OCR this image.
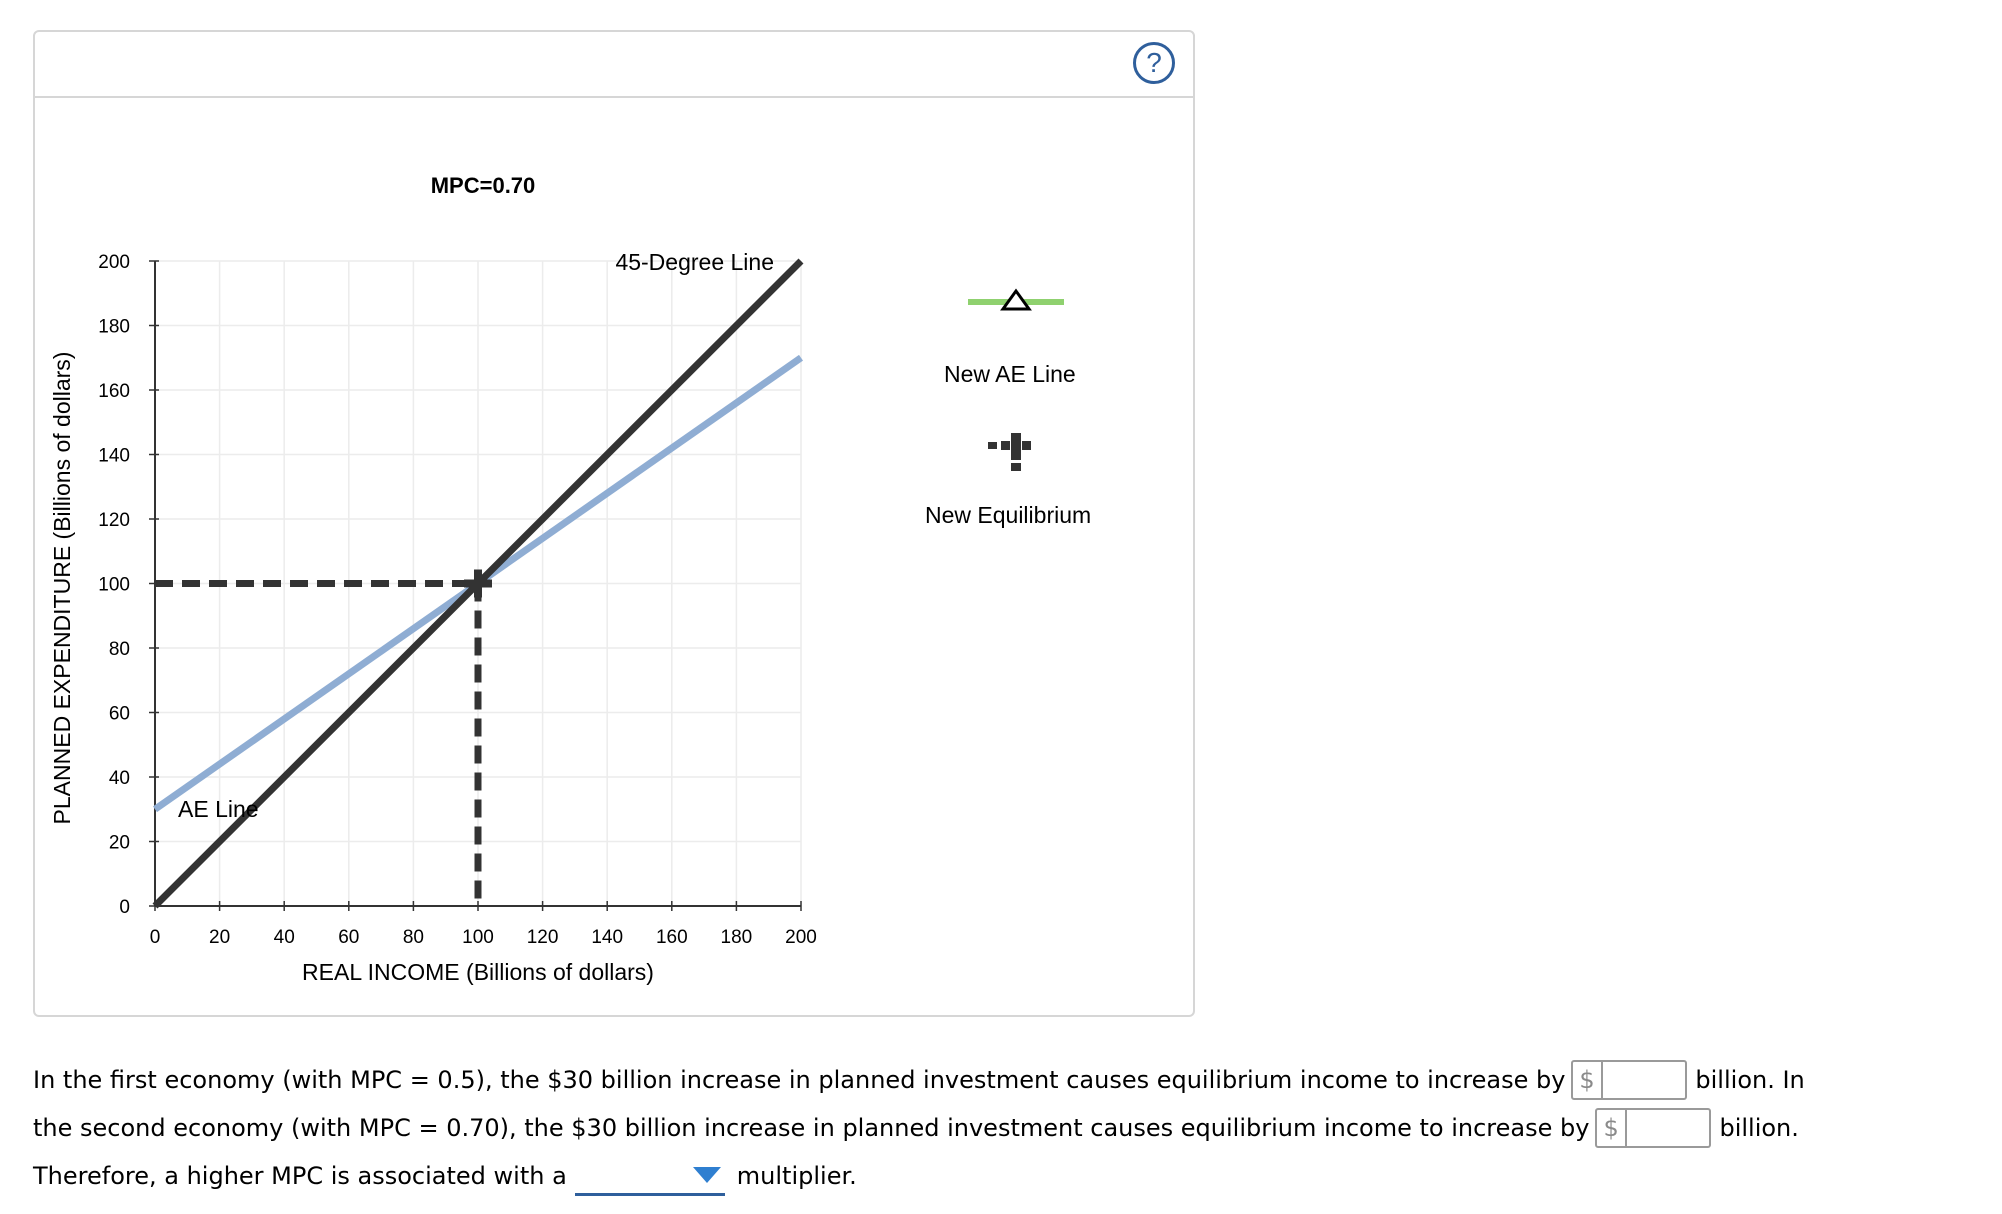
?
0	20 40 60 80 100 120 140 160 180 200
0
20
40
60
80
100
120
140
160
180
200
MPC=0.70
REAL INCOME (Billions of dollars)
PLANNED EXPENDITURE (Billions of dollars)
45-Degree Line
AE Line
New AE Line
New Equilibrium
In the first economy (with MPC = 0.5), the $30 billion increase in planned investment causes equilibrium income to increase by $	billion. In
the second economy (with MPC = 0.70), the $30 billion increase in planned investment causes equilibrium income to increase by $	billion.
Therefore, a higher MPC is associated with a	multiplier.
